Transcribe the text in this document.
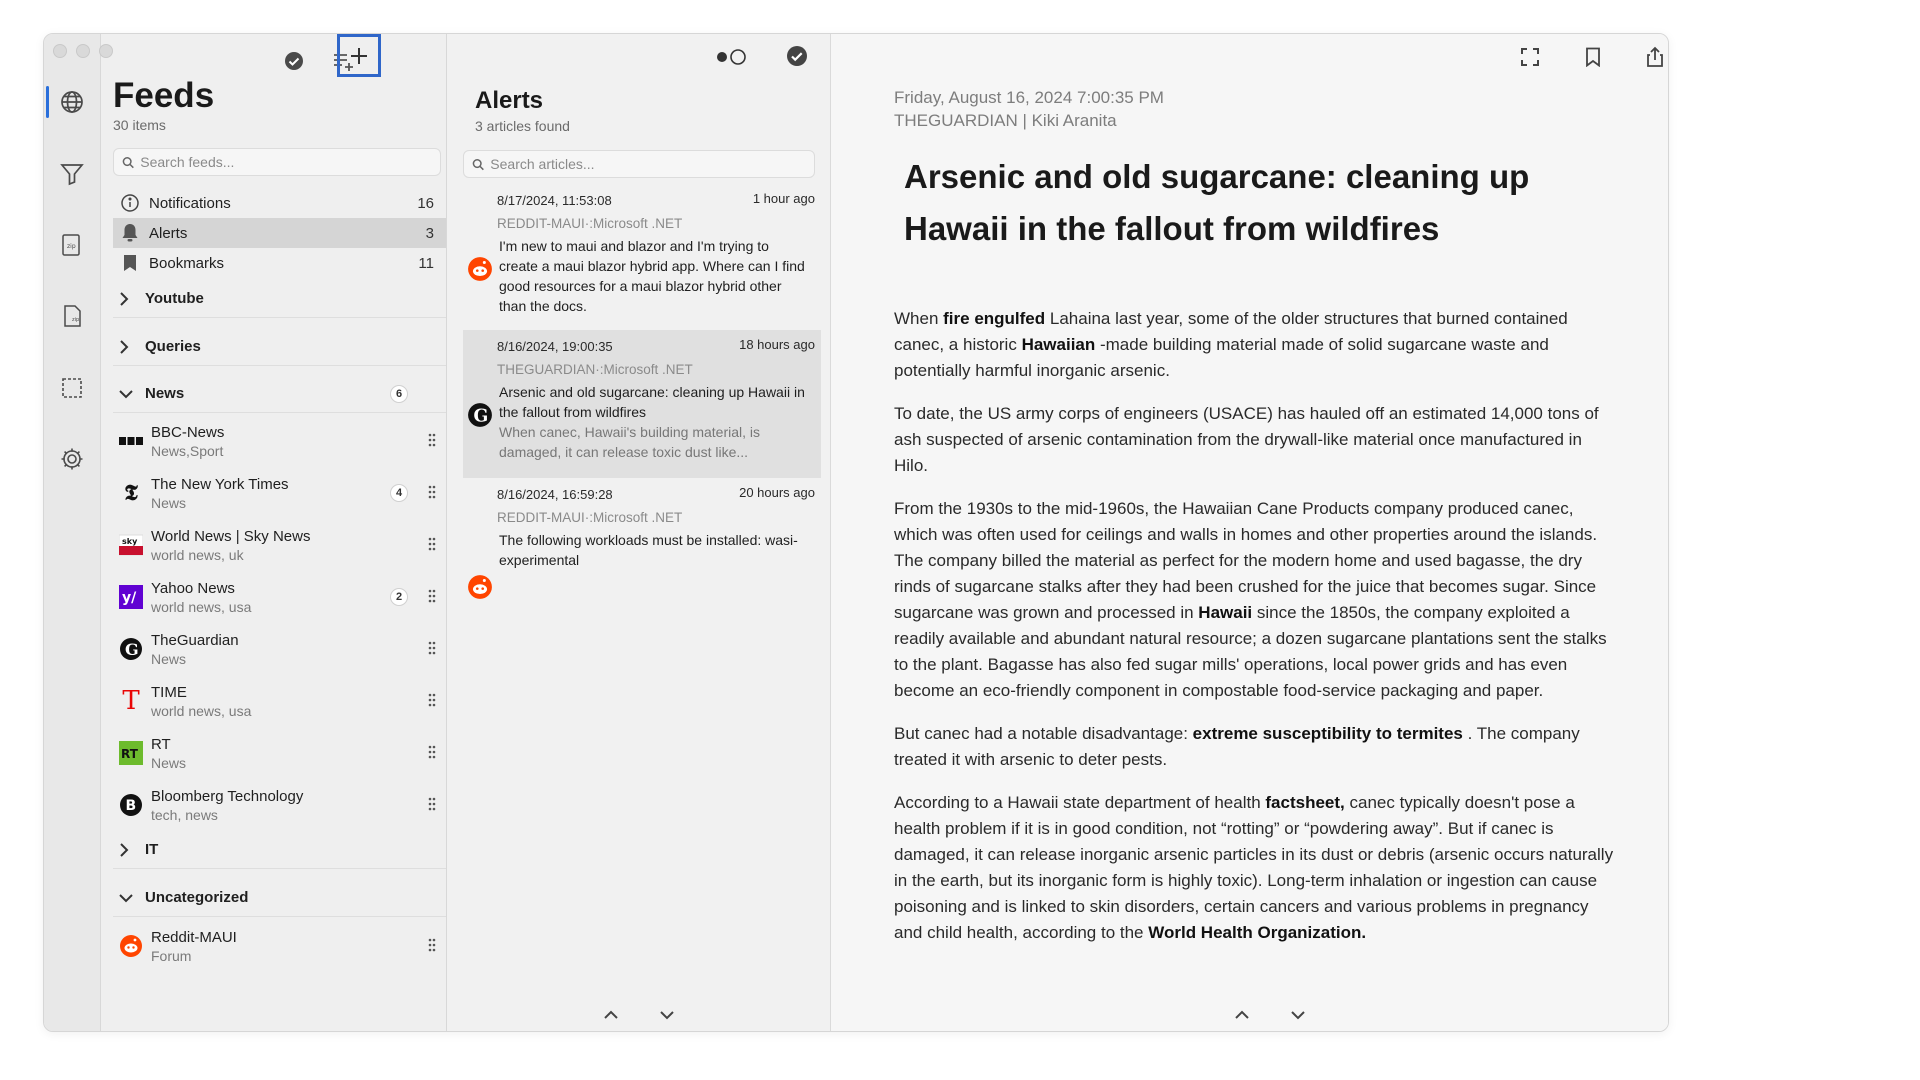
zip
zip
Feeds
30 items
Search feeds...
Notifications	16
Alerts	3
Bookmarks	11
Youtube
Queries
News	6
BBC-News
News,Sport
𝕿 The New York Times
News
4
sky World News | Sky News
world news, uk
y/
Yahoo News
world news, usa
2
G TheGuardian
News
T TIME
world news, usa
RT
RT
News
B
Bloomberg Technology
tech, news
IT
Uncategorized
Reddit-MAUI
Forum
Alerts
3 articles found
Search articles...
8/17/2024, 11:53:08	1 hour ago
REDDIT-MAUI·:Microsoft .NET
I'm new to maui and blazor and I'm trying to create a maui blazor hybrid app. Where can I find good resources for a maui blazor hybrid other than the docs.
8/16/2024, 19:00:35	18 hours ago
THEGUARDIAN·:Microsoft .NET
G
Arsenic and old sugarcane: cleaning up Hawaii in the fallout from wildfires
When canec, Hawaii's building material, is damaged, it can release toxic dust like...
8/16/2024, 16:59:28	20 hours ago
REDDIT-MAUI·:Microsoft .NET
The following workloads must be installed: wasi-experimental
Friday, August 16, 2024 7:00:35 PM
THEGUARDIAN | Kiki Aranita
Arsenic and old sugarcane: cleaning up Hawaii in the fallout from wildfires

When fire engulfed Lahaina last year, some of the older structures that burned contained canec, a historic Hawaiian -made building material made of solid sugarcane waste and potentially harmful inorganic arsenic.

To date, the US army corps of engineers (USACE) has hauled off an estimated 14,000 tons of ash suspected of arsenic contamination from the drywall-like material once manufactured in Hilo.

From the 1930s to the mid-1960s, the Hawaiian Cane Products company produced canec, which was often used for ceilings and walls in homes and other properties around the islands. The company billed the material as perfect for the modern home and used bagasse, the dry rinds of sugarcane stalks after they had been crushed for the juice that becomes sugar. Since sugarcane was grown and processed in Hawaii since the 1850s, the company exploited a readily available and abundant natural resource; a dozen sugarcane plantations sent the stalks to the plant. Bagasse has also fed sugar mills' operations, local power grids and has even become an eco-friendly component in compostable food-service packaging and paper.

But canec had a notable disadvantage: extreme susceptibility to termites . The company treated it with arsenic to deter pests.

According to a Hawaii state department of health factsheet, canec typically doesn't pose a health problem if it is in good condition, not “rotting” or “powdering away”. But if canec is damaged, it can release inorganic arsenic particles in its dust or debris (arsenic occurs naturally in the earth, but its inorganic form is highly toxic). Long-term inhalation or ingestion can cause poisoning and is linked to skin disorders, certain cancers and various problems in pregnancy and child health, according to the World Health Organization.
